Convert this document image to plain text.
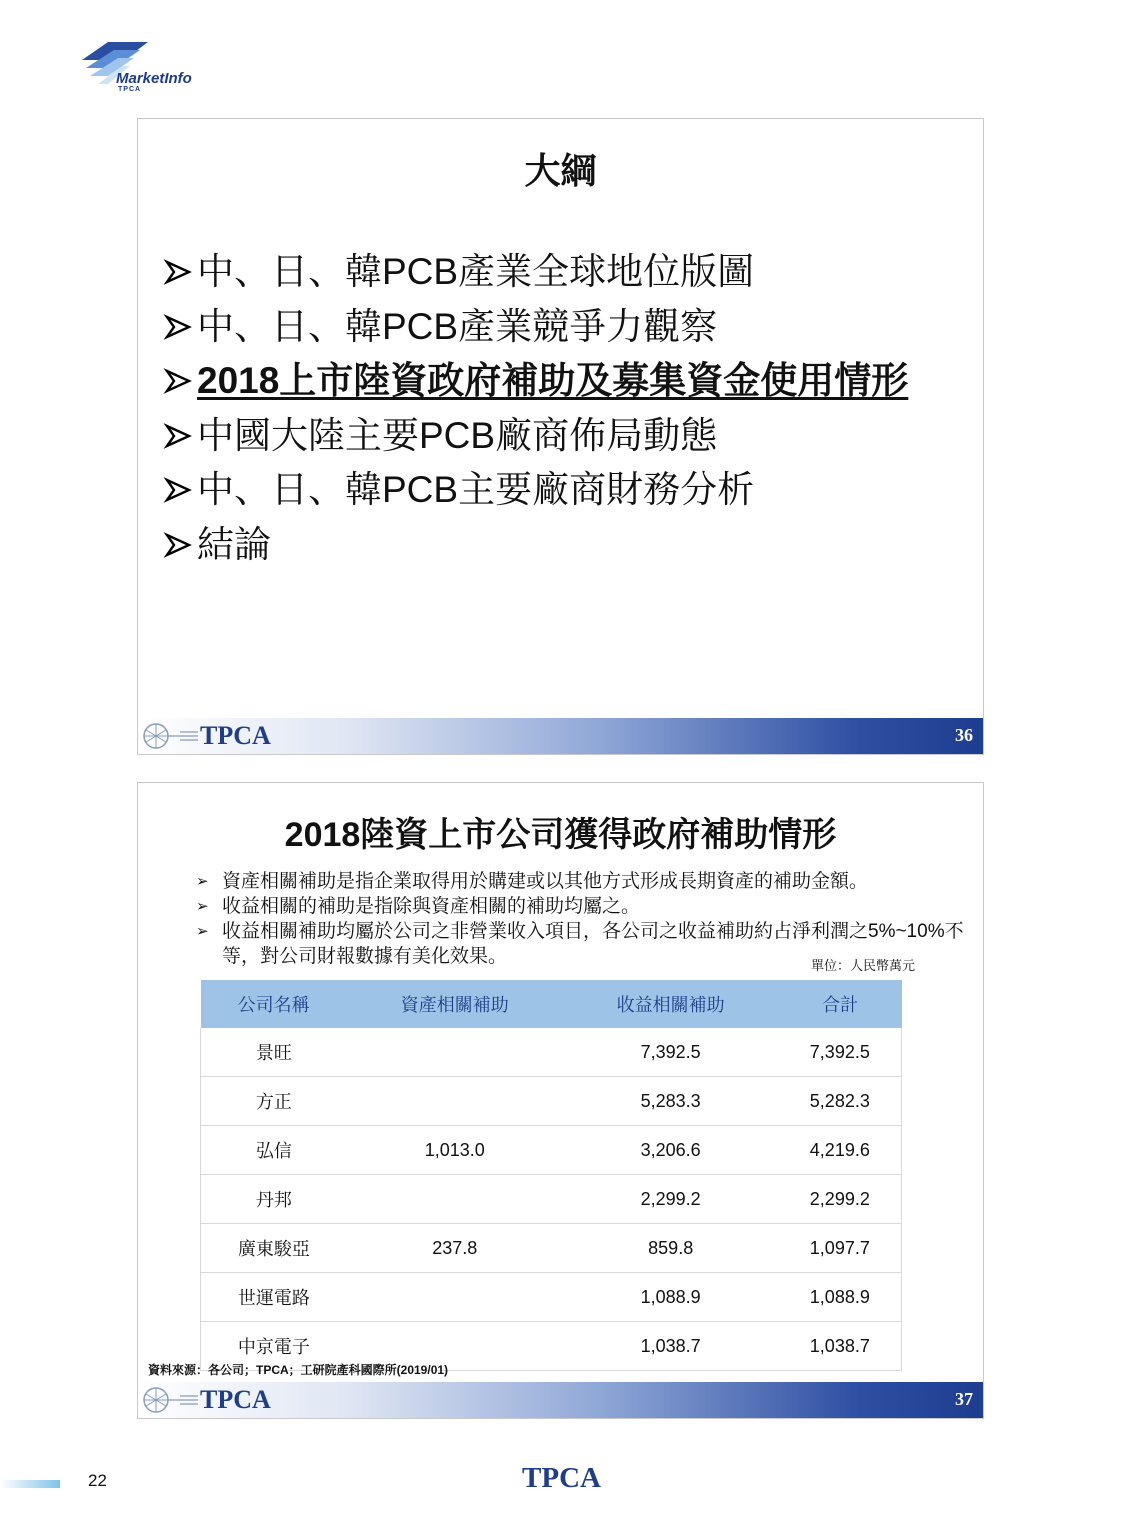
MarketInfo
TPCA
大綱
中、日、韓PCB產業全球地位版圖
中、日、韓PCB產業競爭力觀察
2018上市陸資政府補助及募集資金使用情形
中國大陸主要PCB廠商佈局動態
中、日、韓PCB主要廠商財務分析
結論
TPCA	36
2018陸資上市公司獲得政府補助情形
➢ 資產相關補助是指企業取得用於購建或以其他方式形成長期資產的補助金額。
➢ 收益相關的補助是指除與資產相關的補助均屬之。
➢ 收益相關補助均屬於公司之非營業收入項目，各公司之收益補助約占淨利潤之5%~10%不等，對公司財報數據有美化效果。	單位：人民幣萬元
公司名稱	資產相關補助	收益相關補助	合計
景旺		7,392.5	7,392.5
方正		5,283.3	5,282.3
弘信	1,013.0	3,206.6	4,219.6
丹邦		2,299.2	2,299.2
廣東駿亞	237.8	859.8	1,097.7
世運電路		1,088.9	1,088.9
中京電子		1,038.7	1,038.7
資料來源：各公司；TPCA；工研院產科國際所(2019/01)
TPCA	37
22	TPCA
